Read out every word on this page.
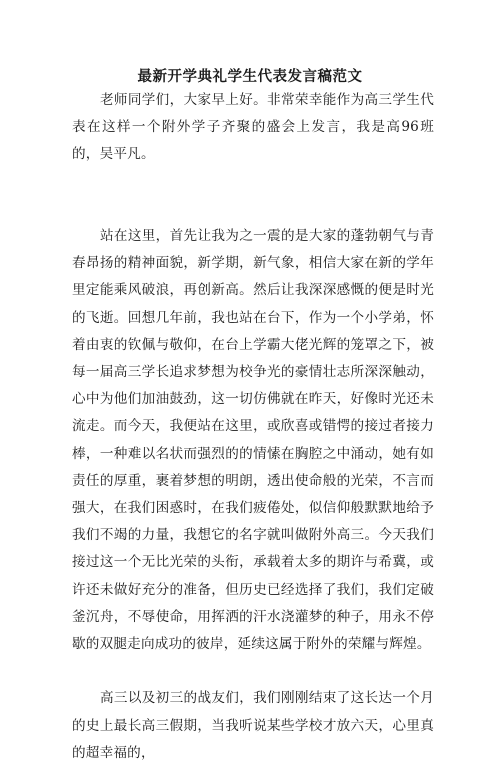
最新开学典礼学生代表发言稿范文

老师同学们，大家早上好。非常荣幸能作为高三学生代表在这样一个附外学子齐聚的盛会上发言，我是高96班的，吴平凡。

站在这里，首先让我为之一震的是大家的蓬勃朝气与青春昂扬的精神面貌，新学期，新气象，相信大家在新的学年里定能乘风破浪，再创新高。然后让我深深感慨的便是时光的飞逝。回想几年前，我也站在台下，作为一个小学弟，怀着由衷的钦佩与敬仰，在台上学霸大佬光辉的笼罩之下，被每一届高三学长追求梦想为校争光的豪情壮志所深深触动，心中为他们加油鼓劲，这一切仿佛就在昨天，好像时光还未流走。而今天，我便站在这里，或欣喜或错愕的接过者接力棒，一种难以名状而强烈的的情愫在胸腔之中涌动，她有如责任的厚重，裹着梦想的明朗，透出使命般的光荣，不言而强大，在我们困惑时，在我们疲倦处，似信仰般默默地给予我们不竭的力量，我想它的名字就叫做附外高三。今天我们接过这一个无比光荣的头衔，承载着太多的期许与希冀，或许还未做好充分的准备，但历史已经选择了我们，我们定破釜沉舟，不辱使命，用挥洒的汗水浇灌梦的种子，用永不停歇的双腿走向成功的彼岸，延续这属于附外的荣耀与辉煌。

高三以及初三的战友们，我们刚刚结束了这长达一个月的史上最长高三假期，当我听说某些学校才放六天，心里真的超幸福的，
